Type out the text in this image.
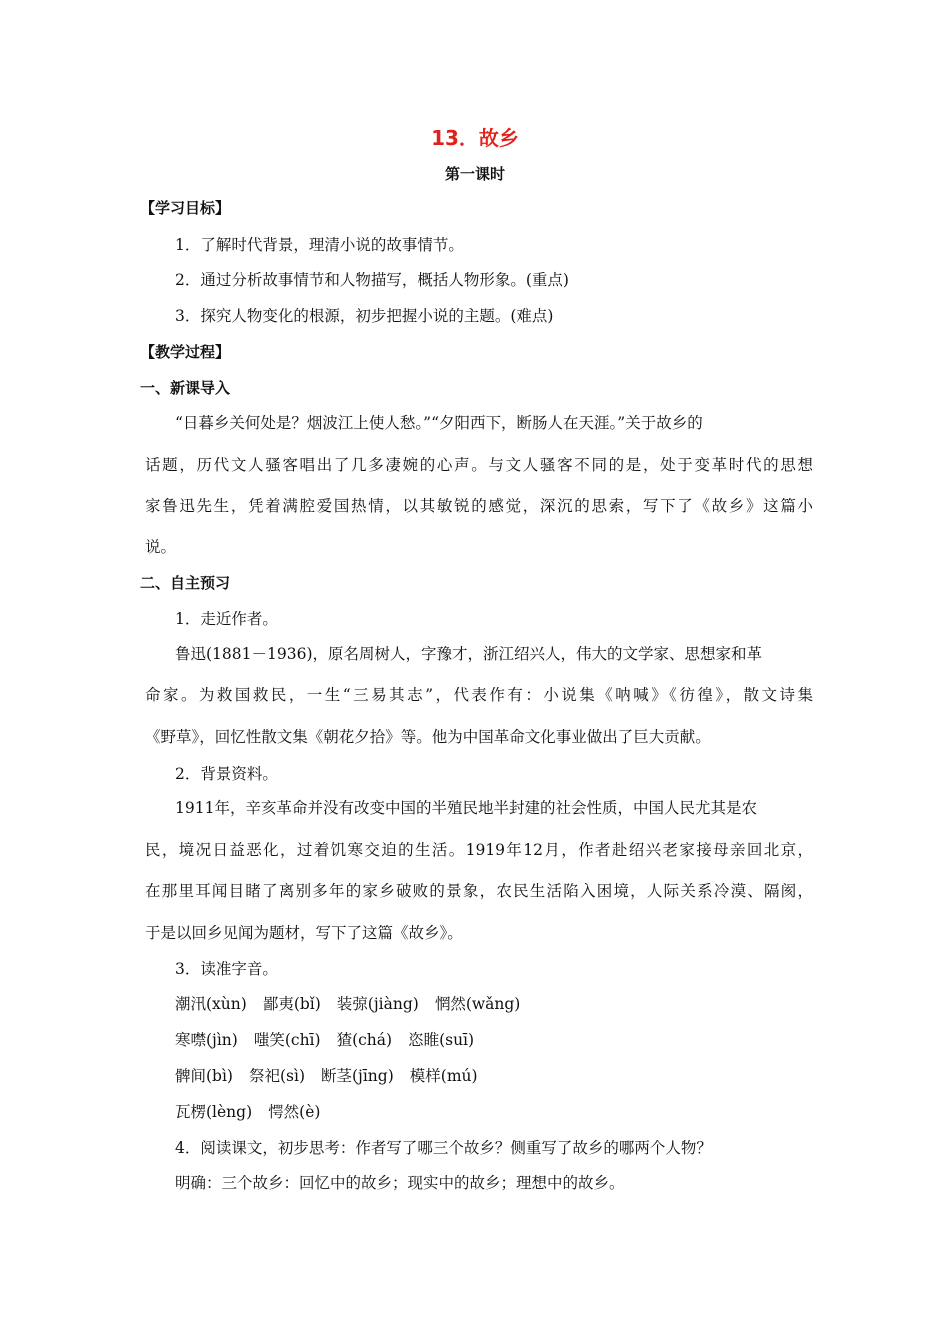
13．故乡
第一课时
【学习目标】
1．了解时代背景，理清小说的故事情节。
2．通过分析故事情节和人物描写，概括人物形象。(重点)
3．探究人物变化的根源，初步把握小说的主题。(难点)
【教学过程】
一、新课导入
“日暮乡关何处是？烟波江上使人愁。”“夕阳西下，断肠人在天涯。”关于故乡的
话题，历代文人骚客唱出了几多凄婉的心声。与文人骚客不同的是，处于变革时代的思想
家鲁迅先生，凭着满腔爱国热情，以其敏锐的感觉，深沉的思索，写下了《故乡》这篇小
说。
二、自主预习
1．走近作者。
鲁迅(1881－1936)，原名周树人，字豫才，浙江绍兴人，伟大的文学家、思想家和革
命家。为救国救民，一生“三易其志”，代表作有：小说集《呐喊》《彷徨》，散文诗集
《野草》，回忆性散文集《朝花夕拾》等。他为中国革命文化事业做出了巨大贡献。
2．背景资料。
1911年，辛亥革命并没有改变中国的半殖民地半封建的社会性质，中国人民尤其是农
民，境况日益恶化，过着饥寒交迫的生活。1919年12月，作者赴绍兴老家接母亲回北京，
在那里耳闻目睹了离别多年的家乡破败的景象，农民生活陷入困境，人际关系冷漠、隔阂，
于是以回乡见闻为题材，写下了这篇《故乡》。
3．读准字音。
潮汛(xùn) 鄙夷(bǐ) 装弶(jiàng) 惘然(wǎng)
寒噤(jìn) 嗤笑(chī) 猹(chá) 恣睢(suī)
髀间(bì) 祭祀(sì) 断茎(jīng) 模样(mú)
瓦楞(lèng) 愕然(è)
4．阅读课文，初步思考：作者写了哪三个故乡？侧重写了故乡的哪两个人物？
明确：三个故乡：回忆中的故乡；现实中的故乡；理想中的故乡。
